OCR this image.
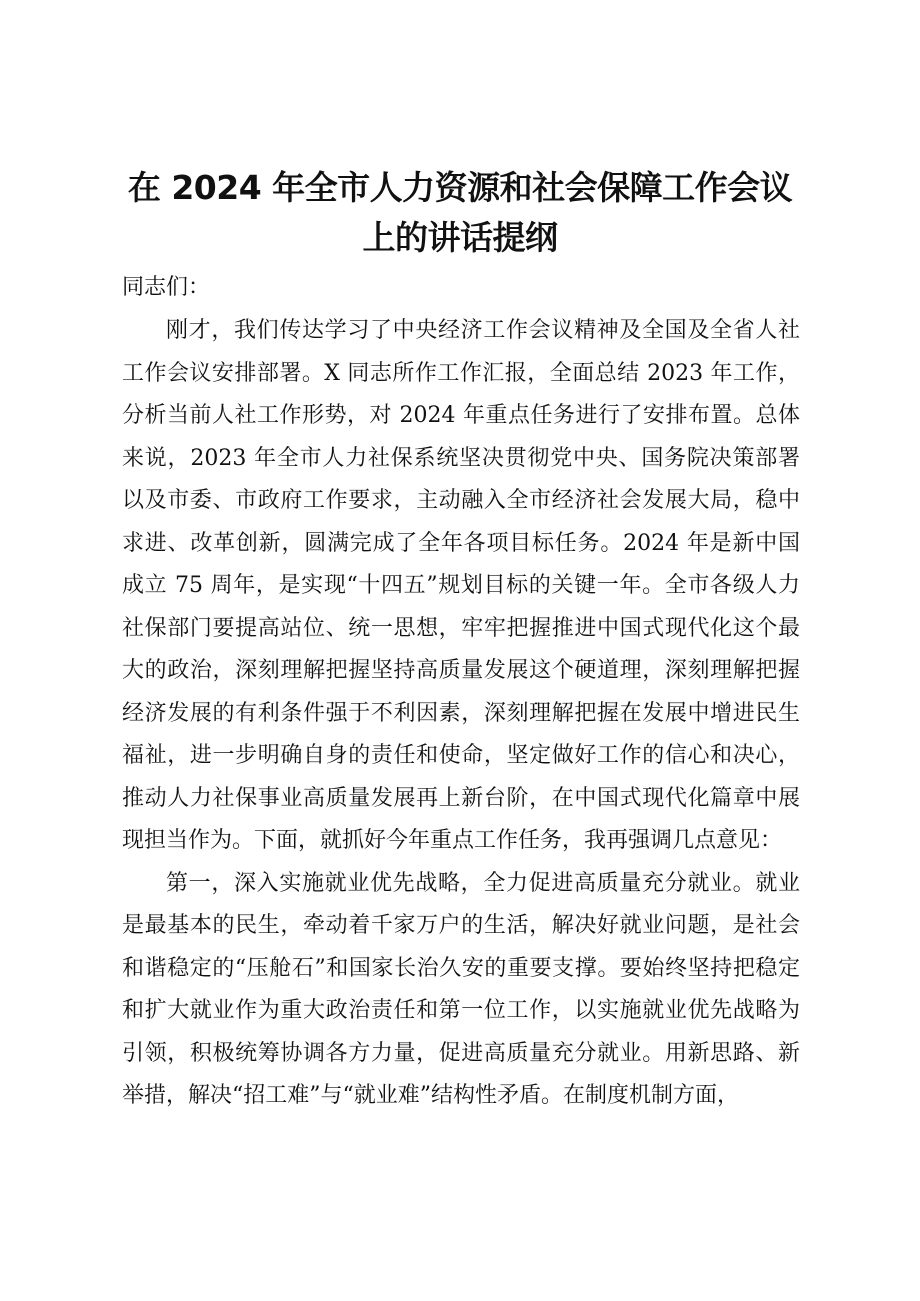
在 2024 年全市人力资源和社会保障工作会议
上的讲话提纲

同志们：

刚才，我们传达学习了中央经济工作会议精神及全国及全省人社工作会议安排部署。X 同志所作工作汇报，全面总结 2023 年工作，分析当前人社工作形势，对 2024 年重点任务进行了安排布置。总体来说，2023 年全市人力社保系统坚决贯彻党中央、国务院决策部署以及市委、市政府工作要求，主动融入全市经济社会发展大局，稳中求进、改革创新，圆满完成了全年各项目标任务。2024 年是新中国成立 75 周年，是实现“十四五”规划目标的关键一年。全市各级人力社保部门要提高站位、统一思想，牢牢把握推进中国式现代化这个最大的政治，深刻理解把握坚持高质量发展这个硬道理，深刻理解把握经济发展的有利条件强于不利因素，深刻理解把握在发展中增进民生福祉，进一步明确自身的责任和使命，坚定做好工作的信心和决心，推动人力社保事业高质量发展再上新台阶，在中国式现代化篇章中展现担当作为。下面，就抓好今年重点工作任务，我再强调几点意见：

第一，深入实施就业优先战略，全力促进高质量充分就业。就业是最基本的民生，牵动着千家万户的生活，解决好就业问题，是社会和谐稳定的“压舱石”和国家长治久安的重要支撑。要始终坚持把稳定和扩大就业作为重大政治责任和第一位工作，以实施就业优先战略为引领，积极统筹协调各方力量，促进高质量充分就业。用新思路、新举措，解决“招工难”与“就业难”结构性矛盾。在制度机制方面，
